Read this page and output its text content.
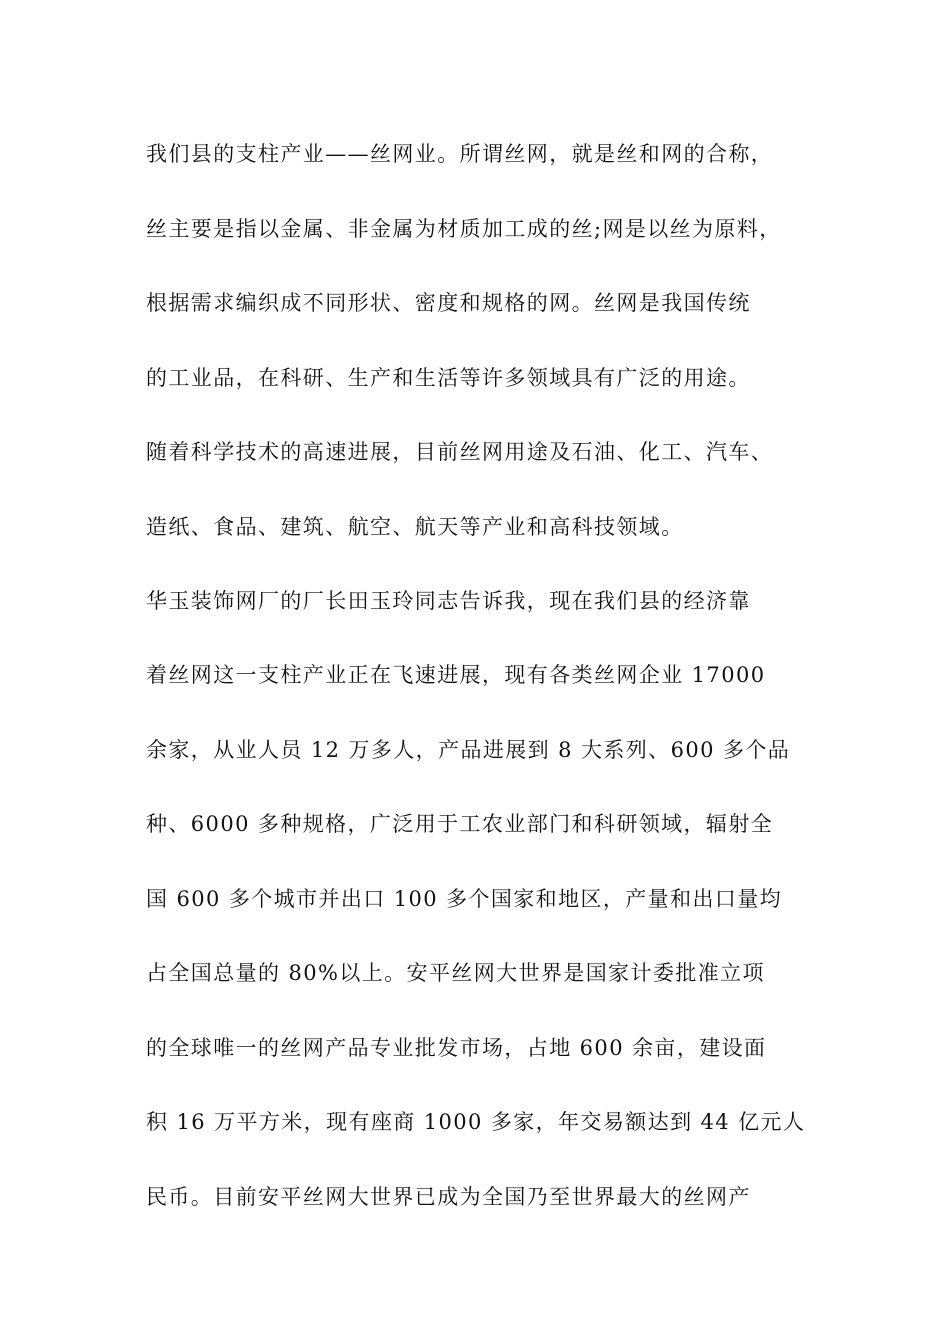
我们县的支柱产业——丝网业。所谓丝网，就是丝和网的合称，
丝主要是指以金属、非金属为材质加工成的丝;网是以丝为原料，
根据需求编织成不同形状、密度和规格的网。丝网是我国传统
的工业品，在科研、生产和生活等许多领域具有广泛的用途。
随着科学技术的高速进展，目前丝网用途及石油、化工、汽车、
造纸、食品、建筑、航空、航天等产业和高科技领域。
华玉装饰网厂的厂长田玉玲同志告诉我，现在我们县的经济靠
着丝网这一支柱产业正在飞速进展，现有各类丝网企业 17000
余家，从业人员 12 万多人，产品进展到 8 大系列、600 多个品
种、6000 多种规格，广泛用于工农业部门和科研领域，辐射全
国 600 多个城市并出口 100 多个国家和地区，产量和出口量均
占全国总量的 80%以上。安平丝网大世界是国家计委批准立项
的全球唯一的丝网产品专业批发市场，占地 600 余亩，建设面
积 16 万平方米，现有座商 1000 多家，年交易额达到 44 亿元人
民币。目前安平丝网大世界已成为全国乃至世界最大的丝网产
